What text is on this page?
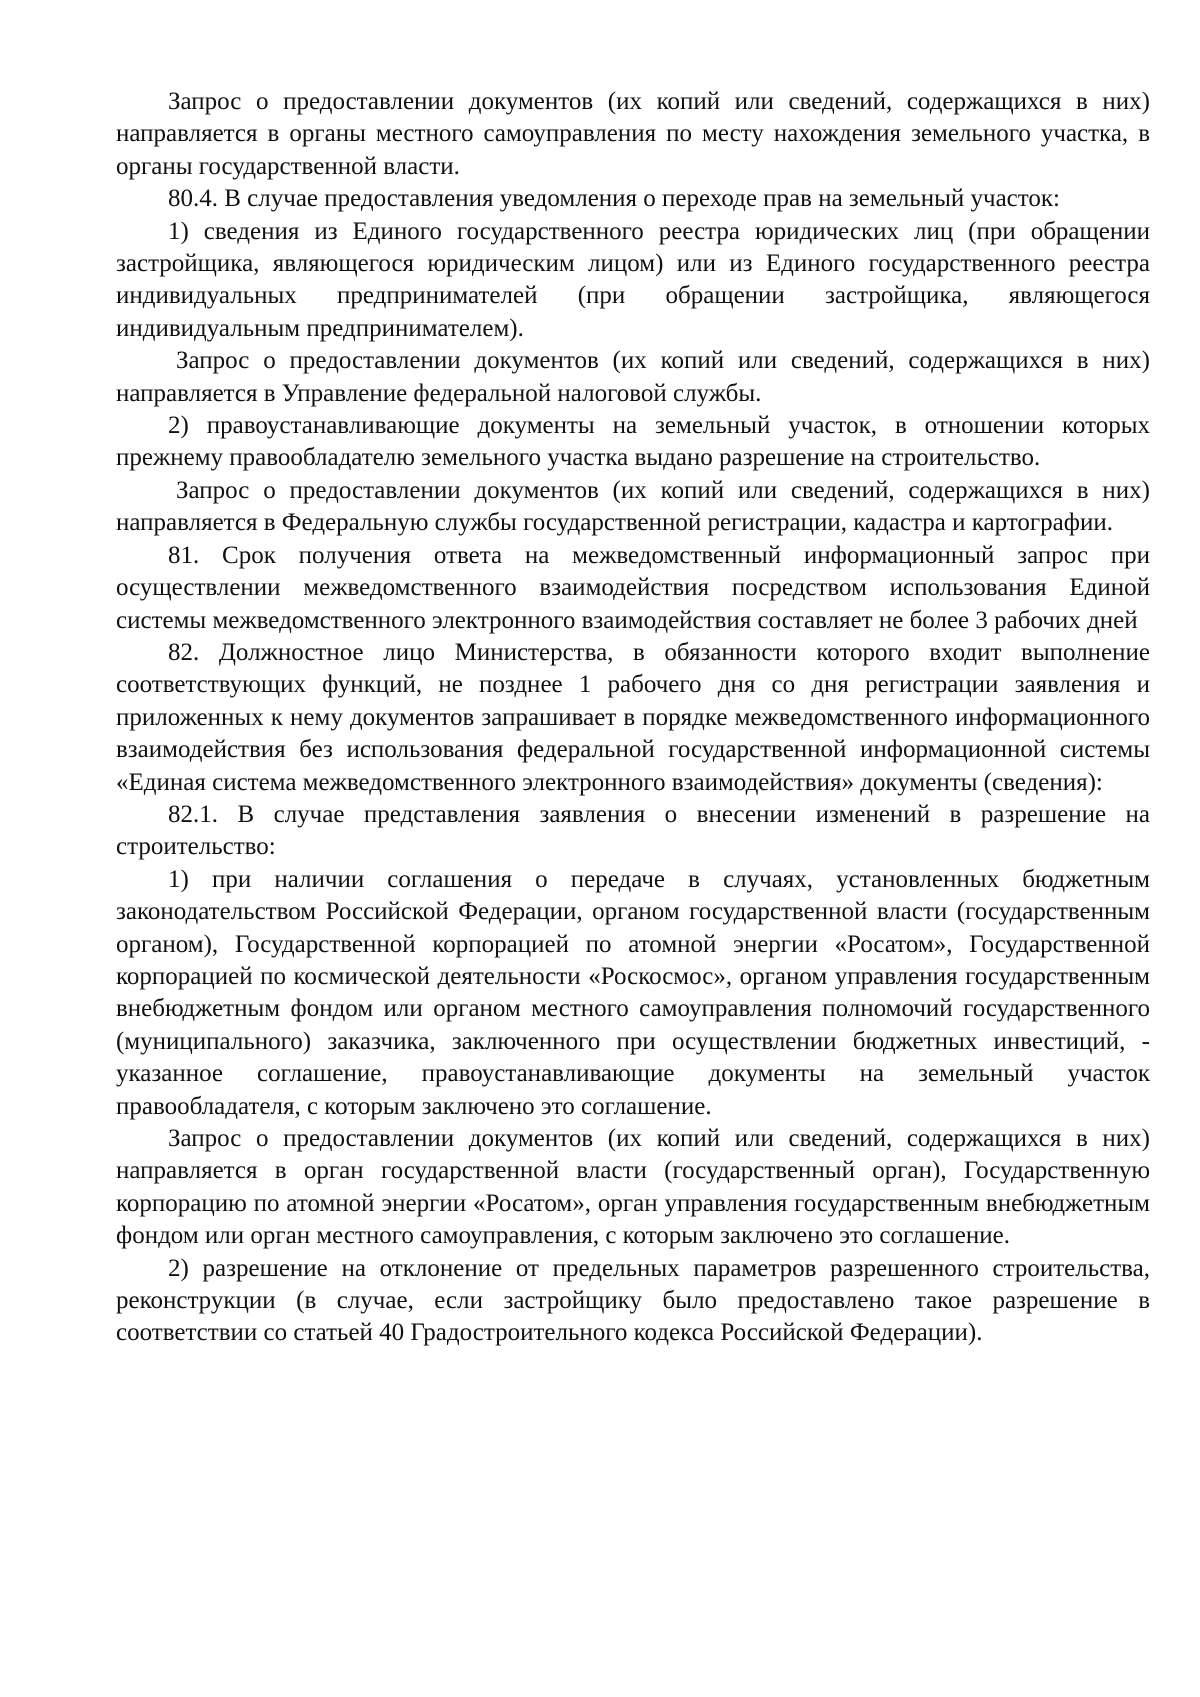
Запрос о предоставлении документов (их копий или сведений, содержащихся в них) направляется в органы местного самоуправления по месту нахождения земельного участка, в органы государственной власти.

80.4. В случае предоставления уведомления о переходе прав на земельный участок:

1) сведения из Единого государственного реестра юридических лиц (при обращении застройщика, являющегося юридическим лицом) или из Единого государственного реестра индивидуальных предпринимателей (при обращении застройщика, являющегося индивидуальным предпринимателем).

Запрос о предоставлении документов (их копий или сведений, содержащихся в них) направляется в Управление федеральной налоговой службы.

2) правоустанавливающие документы на земельный участок, в отношении которых прежнему правообладателю земельного участка выдано разрешение на строительство.

Запрос о предоставлении документов (их копий или сведений, содержащихся в них) направляется в Федеральную службы государственной регистрации, кадастра и картографии.

81. Срок получения ответа на межведомственный информационный запрос при осуществлении межведомственного взаимодействия посредством использования Единой системы межведомственного электронного взаимодействия составляет не более 3 рабочих дней

82. Должностное лицо Министерства, в обязанности которого входит выполнение соответствующих функций, не позднее 1 рабочего дня со дня регистрации заявления и приложенных к нему документов запрашивает в порядке межведомственного информационного взаимодействия без использования федеральной государственной информационной системы «Единая система межведомственного электронного взаимодействия» документы (сведения):

82.1. В случае представления заявления о внесении изменений в разрешение на строительство:

1) при наличии соглашения о передаче в случаях, установленных бюджетным законодательством Российской Федерации, органом государственной власти (государственным органом), Государственной корпорацией по атомной энергии «Росатом», Государственной корпорацией по космической деятельности «Роскосмос», органом управления государственным внебюджетным фондом или органом местного самоуправления полномочий государственного (муниципального) заказчика, заключенного при осуществлении бюджетных инвестиций, - указанное соглашение, правоустанавливающие документы на земельный участок правообладателя, с которым заключено это соглашение.

Запрос о предоставлении документов (их копий или сведений, содержащихся в них) направляется в орган государственной власти (государственный орган), Государственную корпорацию по атомной энергии «Росатом», орган управления государственным внебюджетным фондом или орган местного самоуправления, с которым заключено это соглашение.

2) разрешение на отклонение от предельных параметров разрешенного строительства, реконструкции (в случае, если застройщику было предоставлено такое разрешение в соответствии со статьей 40 Градостроительного кодекса Российской Федерации).
